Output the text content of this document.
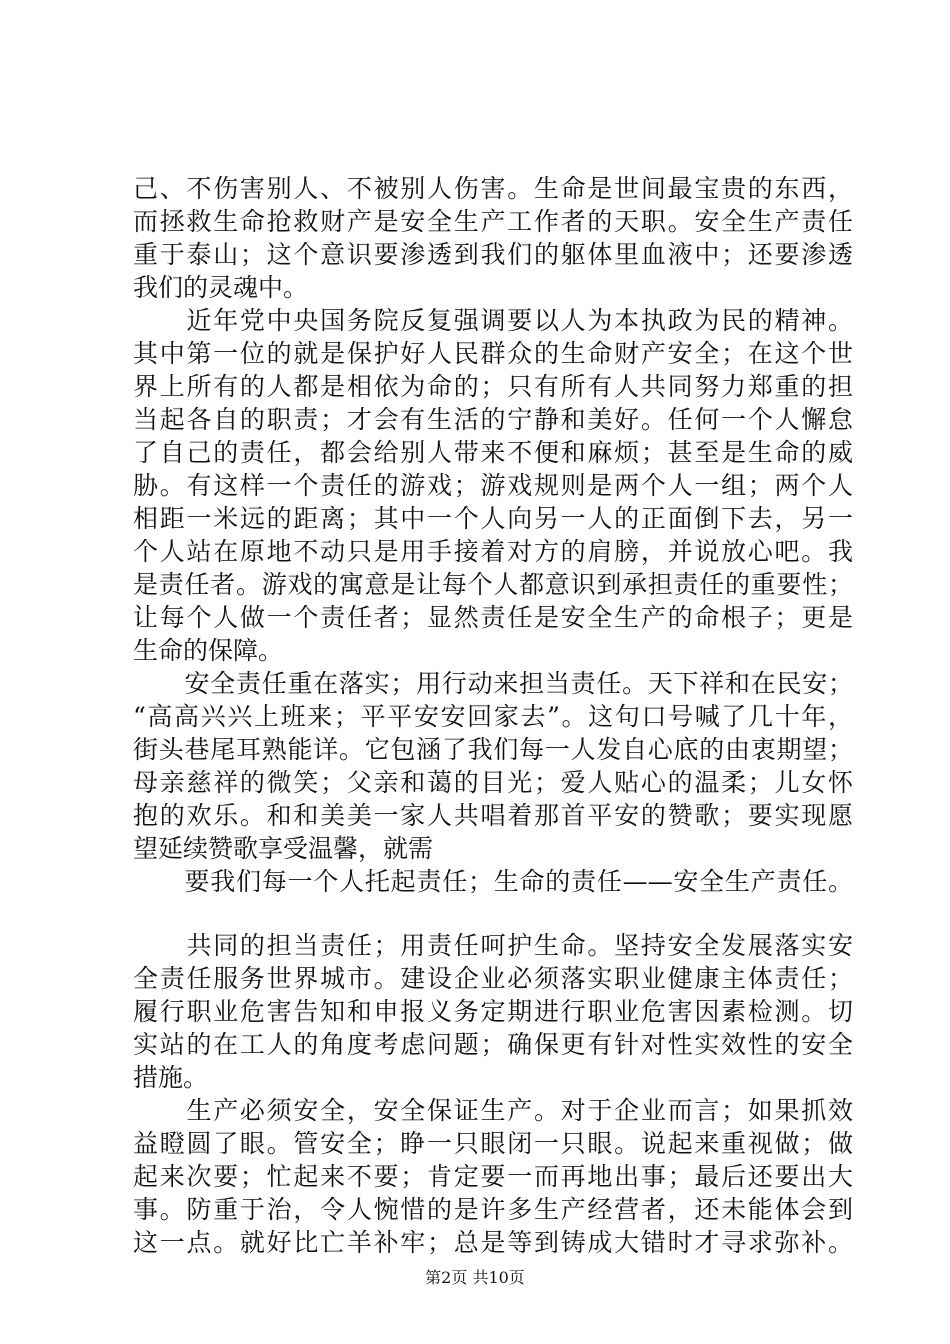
己、不伤害别人、不被别人伤害。生命是世间最宝贵的东西，
而拯救生命抢救财产是安全生产工作者的天职。安全生产责任
重于泰山；这个意识要渗透到我们的躯体里血液中；还要渗透
我们的灵魂中。
　　近年党中央国务院反复强调要以人为本执政为民的精神。
其中第一位的就是保护好人民群众的生命财产安全；在这个世
界上所有的人都是相依为命的；只有所有人共同努力郑重的担
当起各自的职责；才会有生活的宁静和美好。任何一个人懈怠
了自己的责任，都会给别人带来不便和麻烦；甚至是生命的威
胁。有这样一个责任的游戏；游戏规则是两个人一组；两个人
相距一米远的距离；其中一个人向另一人的正面倒下去，另一
个人站在原地不动只是用手接着对方的肩膀，并说放心吧。我
是责任者。游戏的寓意是让每个人都意识到承担责任的重要性；
让每个人做一个责任者；显然责任是安全生产的命根子；更是
生命的保障。
　　安全责任重在落实；用行动来担当责任。天下祥和在民安；
“高高兴兴上班来；平平安安回家去”。这句口号喊了几十年，
街头巷尾耳熟能详。它包涵了我们每一人发自心底的由衷期望；
母亲慈祥的微笑；父亲和蔼的目光；爱人贴心的温柔；儿女怀
抱的欢乐。和和美美一家人共唱着那首平安的赞歌；要实现愿
望延续赞歌享受温馨，就需
　　要我们每一个人托起责任；生命的责任——安全生产责任。
　　共同的担当责任；用责任呵护生命。坚持安全发展落实安
全责任服务世界城市。建设企业必须落实职业健康主体责任；
履行职业危害告知和申报义务定期进行职业危害因素检测。切
实站的在工人的角度考虑问题；确保更有针对性实效性的安全
措施。
　　生产必须安全，安全保证生产。对于企业而言；如果抓效
益瞪圆了眼。管安全；睁一只眼闭一只眼。说起来重视做；做
起来次要；忙起来不要；肯定要一而再地出事；最后还要出大
事。防重于治，令人惋惜的是许多生产经营者，还未能体会到
这一点。就好比亡羊补牢；总是等到铸成大错时才寻求弥补。
第2页 共10页
